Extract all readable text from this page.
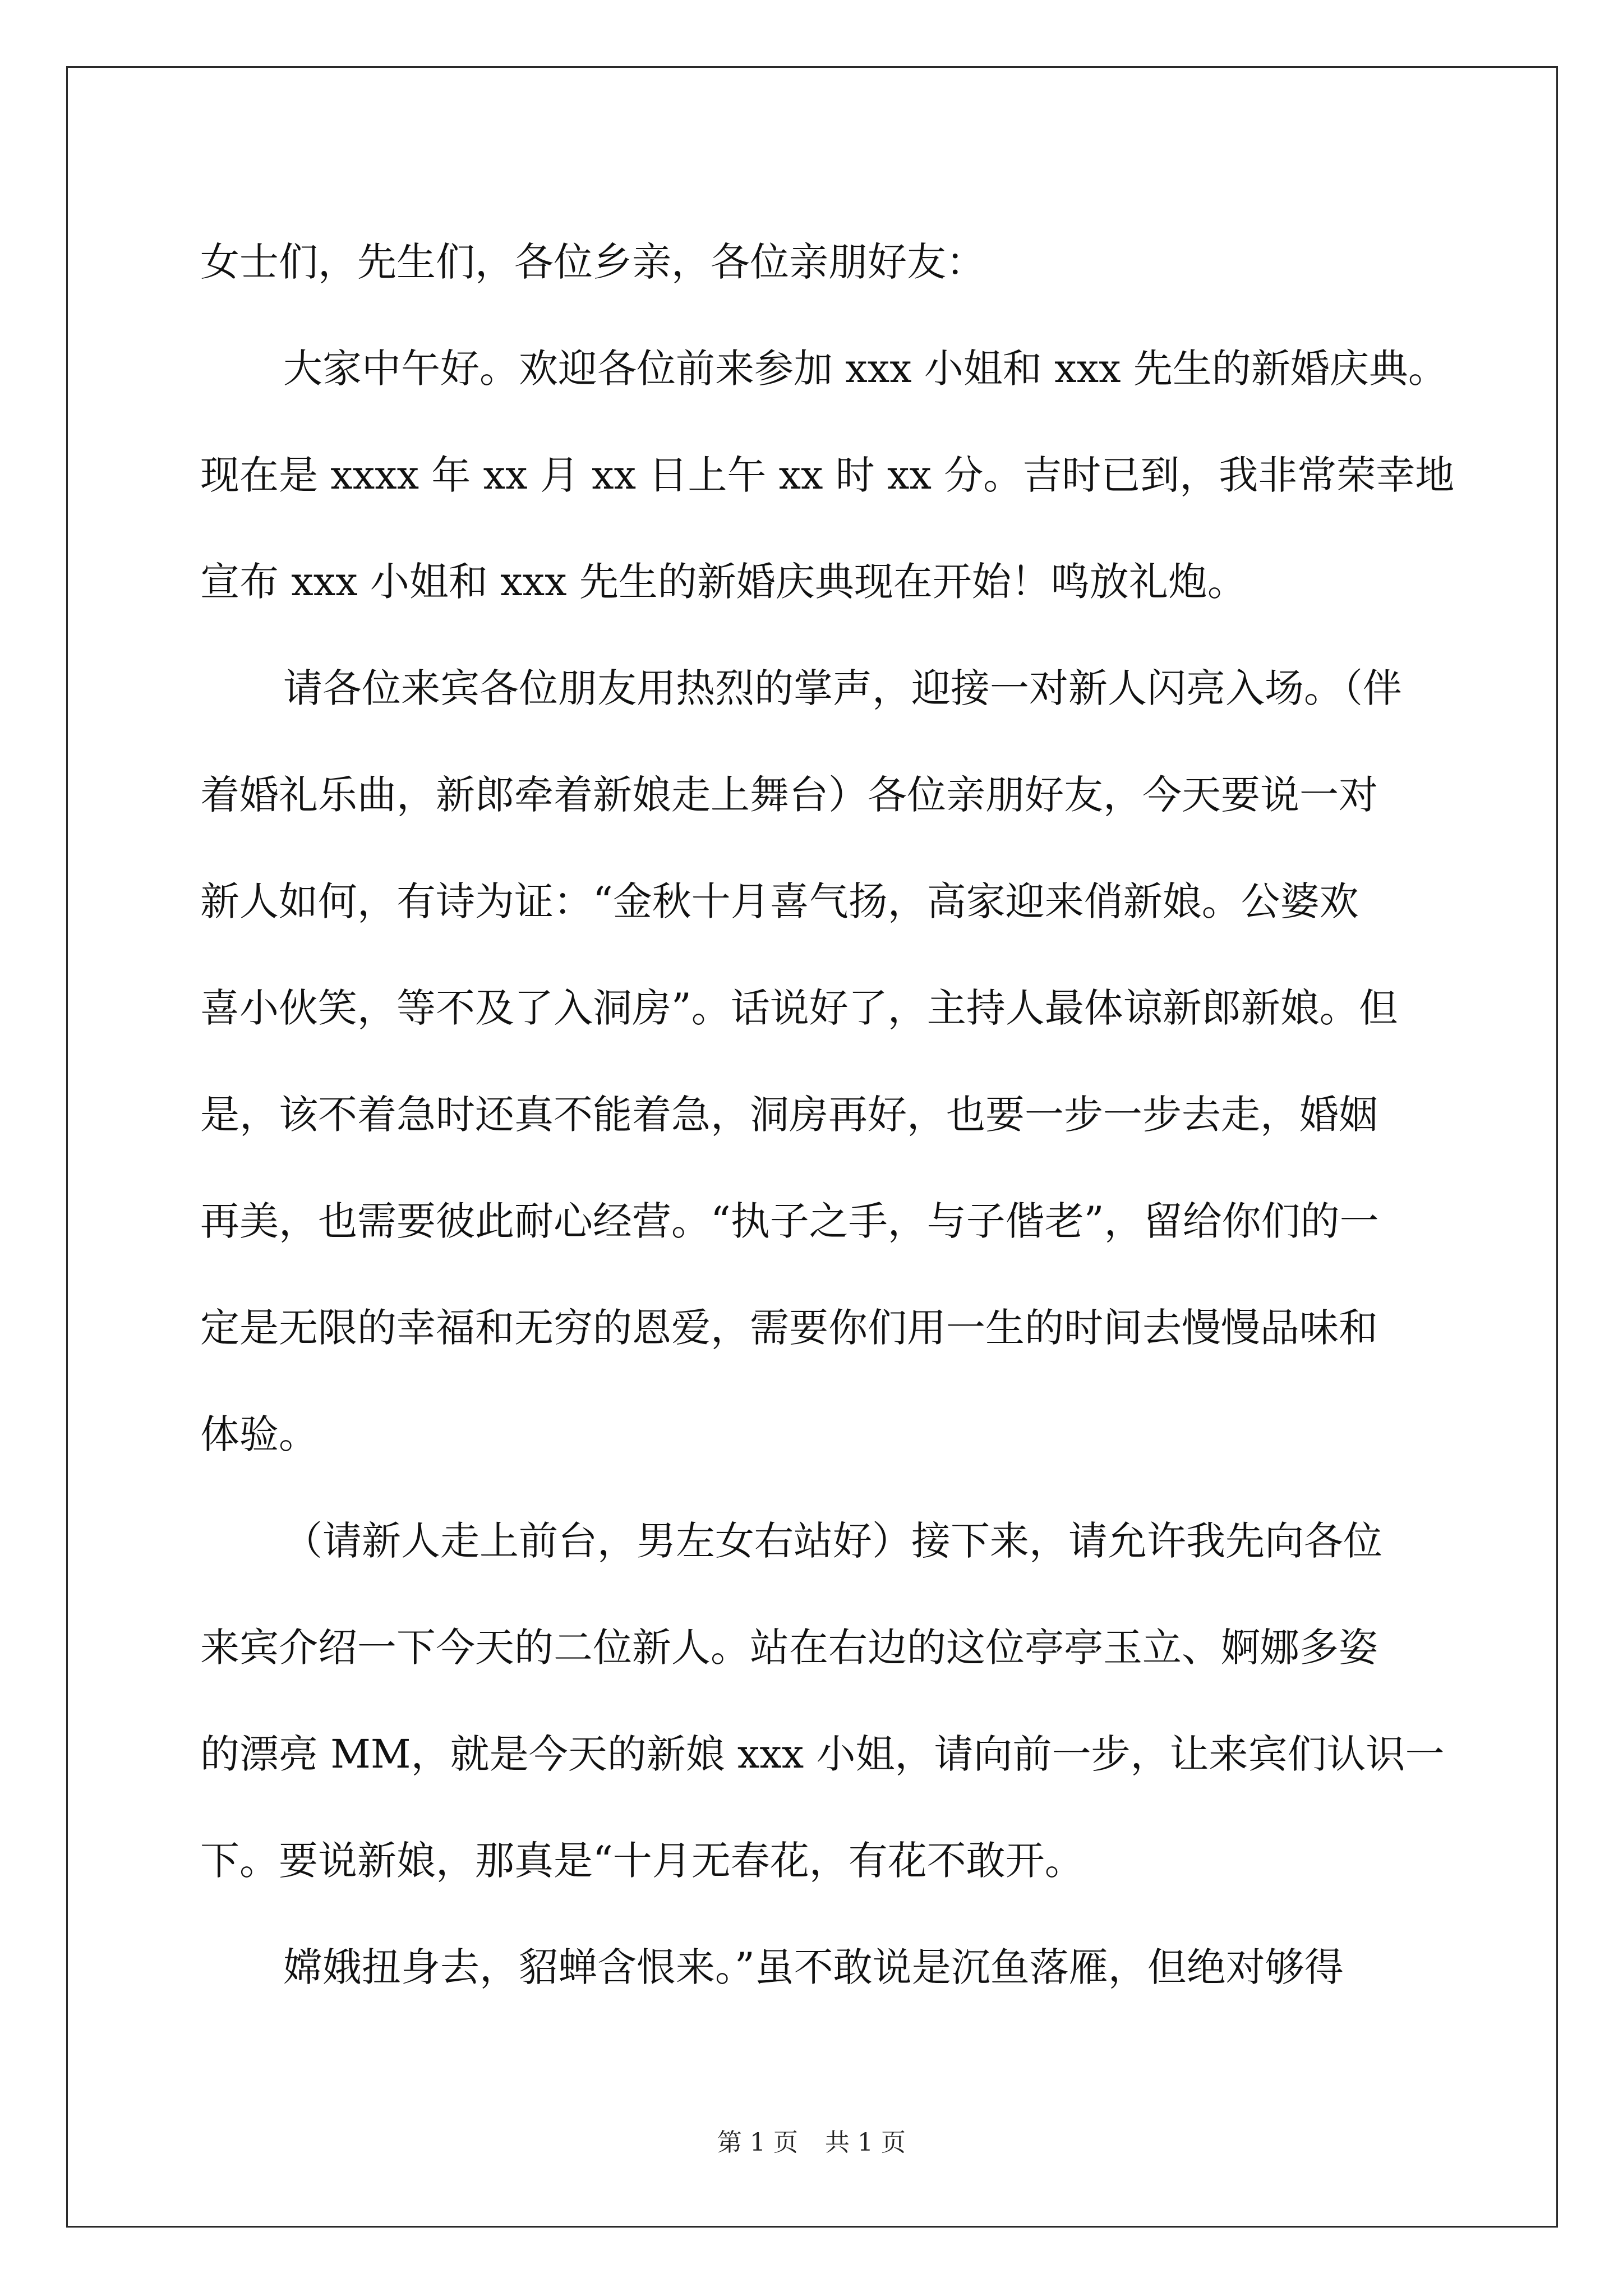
女士们，先生们，各位乡亲，各位亲朋好友：
大家中午好。欢迎各位前来参加 xxx 小姐和 xxx 先生的新婚庆典。
现在是 xxxx 年 xx 月 xx 日上午 xx 时 xx 分。吉时已到，我非常荣幸地
宣布 xxx 小姐和 xxx 先生的新婚庆典现在开始！鸣放礼炮。
请各位来宾各位朋友用热烈的掌声，迎接一对新人闪亮入场。（伴
着婚礼乐曲，新郎牵着新娘走上舞台）各位亲朋好友，今天要说一对
新人如何，有诗为证：“金秋十月喜气扬，高家迎来俏新娘。公婆欢
喜小伙笑，等不及了入洞房”。话说好了，主持人最体谅新郎新娘。但
是，该不着急时还真不能着急，洞房再好，也要一步一步去走，婚姻
再美，也需要彼此耐心经营。“执子之手，与子偕老”，留给你们的一
定是无限的幸福和无穷的恩爱，需要你们用一生的时间去慢慢品味和
体验。
（请新人走上前台，男左女右站好）接下来，请允许我先向各位
来宾介绍一下今天的二位新人。站在右边的这位亭亭玉立、婀娜多姿
的漂亮 MM，就是今天的新娘 xxx 小姐，请向前一步，让来宾们认识一
下。要说新娘，那真是“十月无春花，有花不敢开。
嫦娥扭身去，貂蝉含恨来。”虽不敢说是沉鱼落雁，但绝对够得
第 1 页 共 1 页
